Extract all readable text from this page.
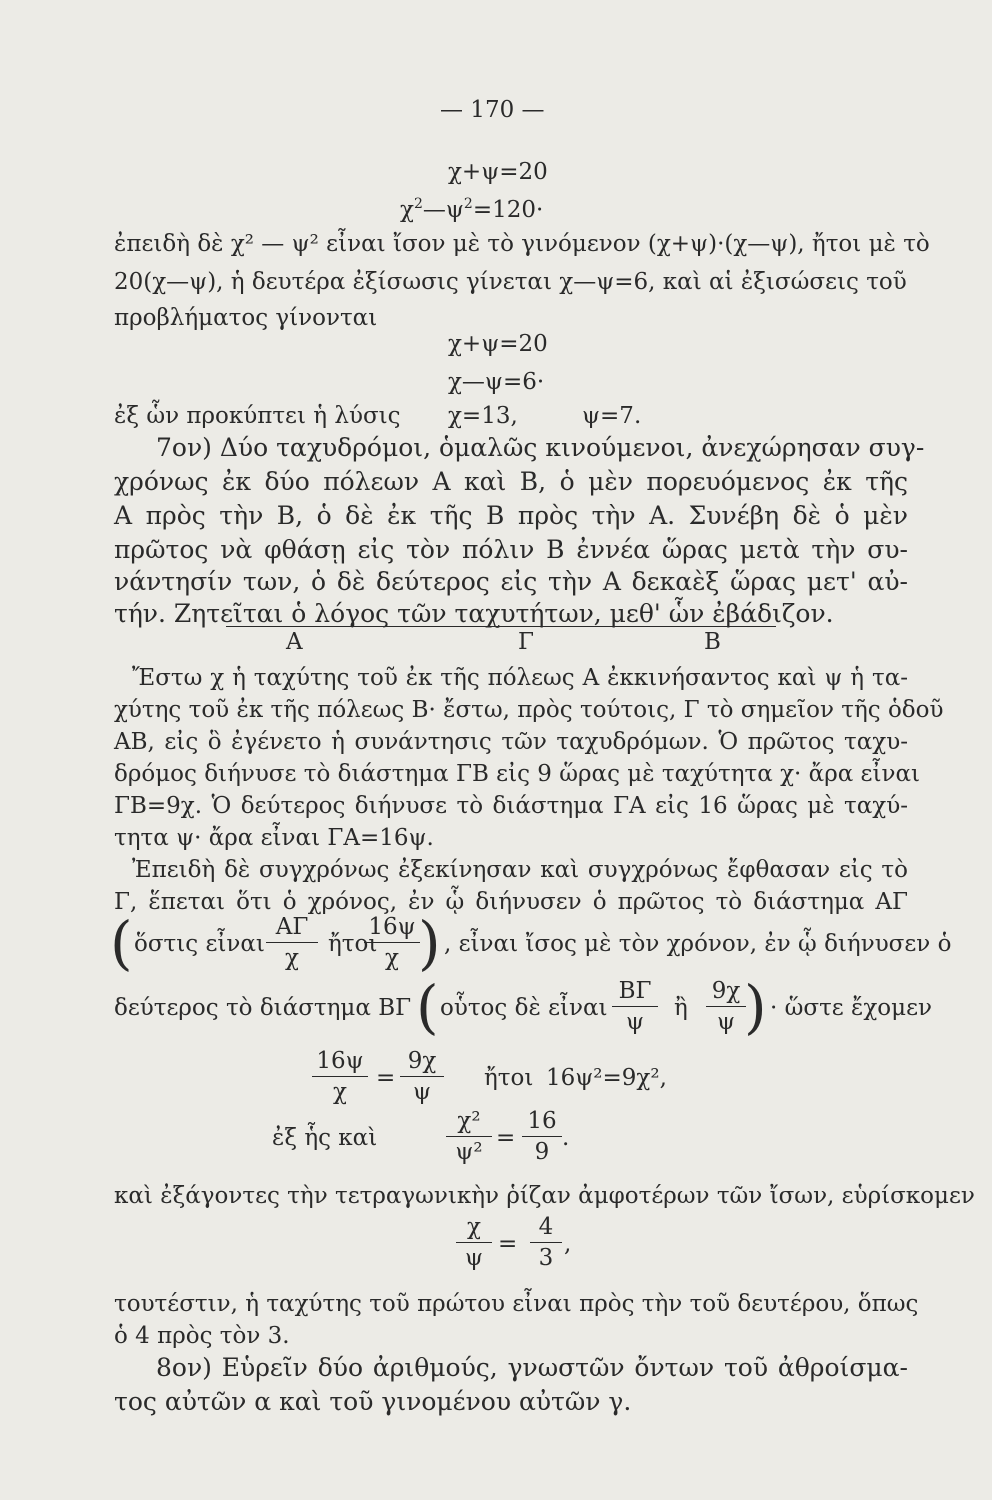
— 170 —
χ+ψ=20
$\chi^2—\psi^2=120\cdot$
ἐπειδὴ δὲ χ² — ψ² εἶναι ἴσον μὲ τὸ γινόμενον (χ+ψ)·(χ—ψ), ἤτοι μὲ τὸ
20(χ—ψ), ἡ δευτέρα ἐξίσωσις γίνεται χ—ψ=6, καὶ αἱ ἐξισώσεις τοῦ
προβλήματος γίνονται
χ+ψ=20
χ—ψ=6·
ἐξ ὧν προκύπτει ἡ λύσις χ=13,	ψ=7.
7ον) Δύο ταχυδρόμοι, ὁμαλῶς κινούμενοι, ἀνεχώρησαν συγ-
χρόνως ἐκ δύο πόλεων Α καὶ Β, ὁ μὲν πορευόμενος ἐκ τῆς
Α πρὸς τὴν Β, ὁ δὲ ἐκ τῆς Β πρὸς τὴν Α. Συνέβη δὲ ὁ μὲν
πρῶτος νὰ φθάσῃ εἰς τὸν πόλιν Β ἐννέα ὥρας μετὰ τὴν συ-
νάντησίν των, ὁ δὲ δεύτερος εἰς τὴν Α δεκαὲξ ὥρας μετ' αὐ-
τήν. Ζητεῖται ὁ λόγος τῶν ταχυτήτων, μεθ' ὧν ἐβάδιζον.
Α	Γ	Β
Ἔστω χ ἡ ταχύτης τοῦ ἐκ τῆς πόλεως Α ἐκκινήσαντος καὶ ψ ἡ τα-
χύτης τοῦ ἐκ τῆς πόλεως Β· ἔστω, πρὸς τούτοις, Γ τὸ σημεῖον τῆς ὁδοῦ
ΑΒ, εἰς ὃ ἐγένετο ἡ συνάντησις τῶν ταχυδρόμων. Ὁ πρῶτος ταχυ-
δρόμος διήνυσε τὸ διάστημα ΓΒ εἰς 9 ὥρας μὲ ταχύτητα χ· ἄρα εἶναι
ΓΒ=9χ. Ὁ δεύτερος διήνυσε τὸ διάστημα ΓΑ εἰς 16 ὥρας μὲ ταχύ-
τητα ψ· ἄρα εἶναι ΓΑ=16ψ.
Ἐπειδὴ δὲ συγχρόνως ἐξεκίνησαν καὶ συγχρόνως ἔφθασαν εἰς τὸ
Γ, ἕπεται ὅτι ὁ χρόνος, ἐν ᾧ διήνυσεν ὁ πρῶτος τὸ διάστημα ΑΓ
( ὅστις εἶναι $\frac{A\Gamma}{\chi}$ ἤτοι
$\frac{16\psi}{\chi}$
) , εἶναι ἴσος μὲ τὸν χρόνον, ἐν ᾧ διήνυσεν ὁ
δεύτερος τὸ διάστημα ΒΓ ( οὗτος δὲ εἶναι $\frac{B\Gamma}{\psi}$ ἢ $\frac{9\chi}{\psi}$
) · ὥστε ἔχομεν
$\frac{16\psi}{\chi} = \frac{9\chi}{\psi}$ ἤτοι 16ψ²=9χ²,
ἐξ ἧς καὶ	$\frac{\text{χ²}}{\text{ψ²}} = \frac{16}{9}$ .
καὶ ἐξάγοντες τὴν τετραγωνικὴν ῥίζαν ἀμφοτέρων τῶν ἴσων, εὑρίσκομεν
$\frac{\chi}{\psi} = \frac{4}{3}$ ,
τουτέστιν, ἡ ταχύτης τοῦ πρώτου εἶναι πρὸς τὴν τοῦ δευτέρου, ὅπως
ὁ 4 πρὸς τὸν 3.
8ον) Εὑρεῖν δύο ἀριθμούς, γνωστῶν ὄντων τοῦ ἀθροίσμα-
τος αὐτῶν α καὶ τοῦ γινομένου αὐτῶν γ.
